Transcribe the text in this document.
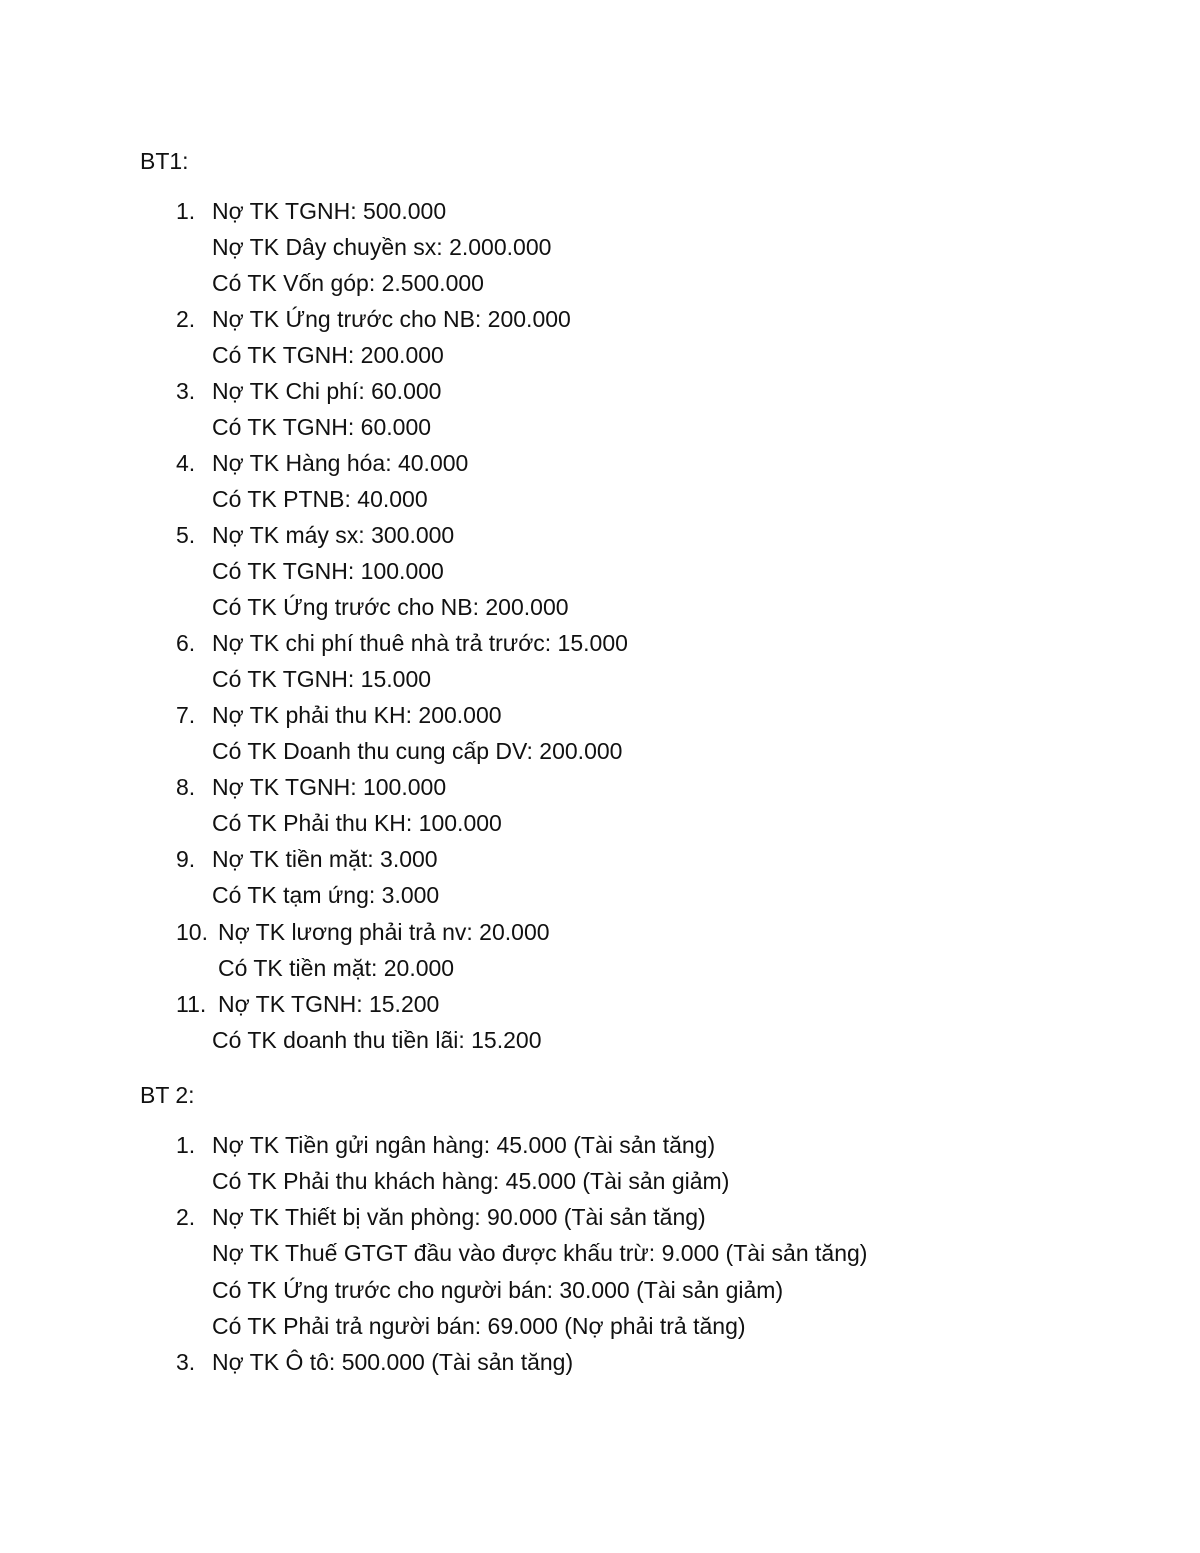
BT1:
1. Nợ TK TGNH: 500.000
Nợ TK Dây chuyền sx: 2.000.000
Có TK Vốn góp: 2.500.000
2. Nợ TK Ứng trước cho NB: 200.000
Có TK TGNH: 200.000
3. Nợ TK Chi phí: 60.000
Có TK TGNH: 60.000
4. Nợ TK Hàng hóa: 40.000
Có TK PTNB: 40.000
5. Nợ TK máy sx: 300.000
Có TK TGNH: 100.000
Có TK Ứng trước cho NB: 200.000
6. Nợ TK chi phí thuê nhà trả trước: 15.000
Có TK TGNH: 15.000
7. Nợ TK phải thu KH: 200.000
Có TK Doanh thu cung cấp DV: 200.000
8. Nợ TK TGNH: 100.000
Có TK Phải thu KH: 100.000
9. Nợ TK tiền mặt: 3.000
Có TK tạm ứng: 3.000
10. Nợ TK lương phải trả nv: 20.000
Có TK tiền mặt: 20.000
11. Nợ TK TGNH: 15.200
Có TK doanh thu tiền lãi: 15.200
BT 2:
1. Nợ TK Tiền gửi ngân hàng: 45.000 (Tài sản tăng)
Có TK Phải thu khách hàng: 45.000 (Tài sản giảm)
2. Nợ TK Thiết bị văn phòng: 90.000 (Tài sản tăng)
Nợ TK Thuế GTGT đầu vào được khấu trừ: 9.000 (Tài sản tăng)
Có TK Ứng trước cho người bán: 30.000 (Tài sản giảm)
Có TK Phải trả người bán: 69.000 (Nợ phải trả tăng)
3. Nợ TK Ô tô: 500.000 (Tài sản tăng)
